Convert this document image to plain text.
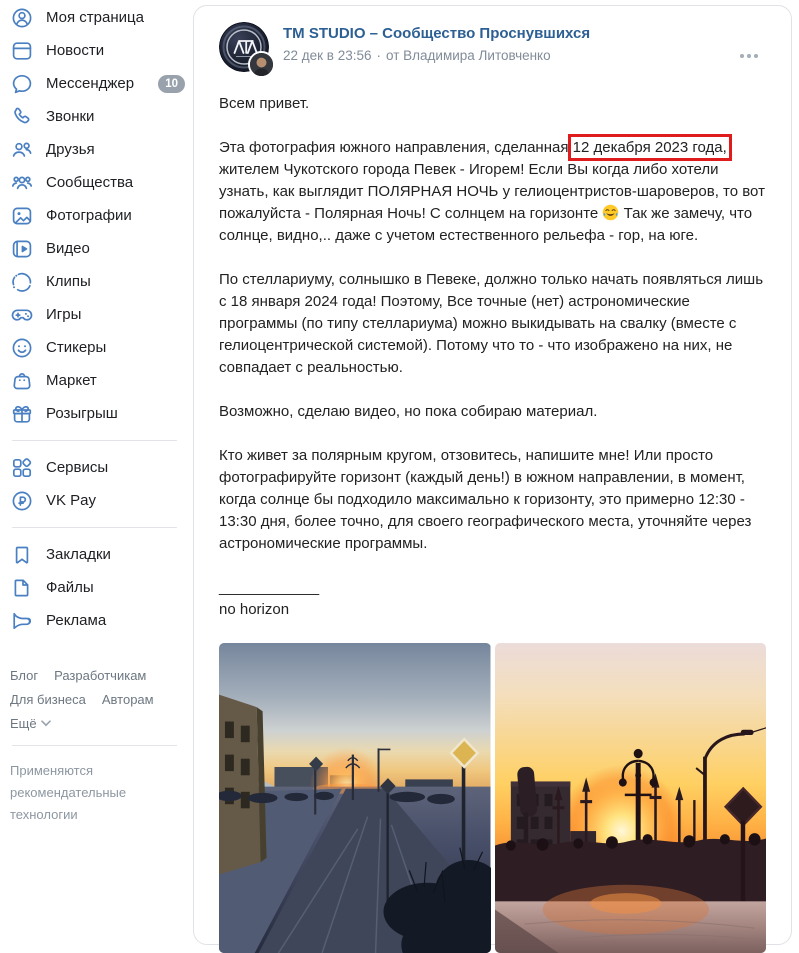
Моя страница
Новости
Мессенджер	10
Звонки
Друзья
Сообщества
Фотографии
Видео
Клипы
Игры
Стикеры
Маркет
Розыгрыш
Сервисы
VK Pay
Закладки
Файлы
Реклама
Блог Разработчикам
Для бизнеса Авторам
Ещё
Применяются рекомендательные технологии
TM STUDIO – Сообщество Проснувшихся
22 дек в 23:56 · от Владимира Литовченко

Всем привет.

Эта фотография южного направления, сделанная 12 декабря 2023 года, жителем Чукотского города Певек - Игорем! Если Вы когда либо хотели узнать, как выглядит ПОЛЯРНАЯ НОЧЬ у гелиоцентристов-шароверов, то вот пожалуйста - Полярная Ночь! С солнцем на горизонте  Так же замечу, что солнце, видно,.. даже с учетом естественного рельефа - гор, на юге.

По стеллариуму, солнышко в Певеке, должно только начать появляться лишь с 18 января 2024 года! Поэтому, Все точные (нет) астрономические программы (по типу стеллариума) можно выкидывать на свалку (вместе с гелиоцентрической системой). Потому что то - что изображено на них, не совпадает с реальностью.

Возможно, сделаю видео, но пока собираю материал.

Кто живет за полярным кругом, отзовитесь, напишите мне! Или просто фотографируйте горизонт (каждый день!) в южном направлении, в момент, когда солнце бы подходило максимально к горизонту, это примерно 12:30 - 13:30 дня, более точно, для своего географического места, уточняйте через астрономические программы.

____________
no horizon
